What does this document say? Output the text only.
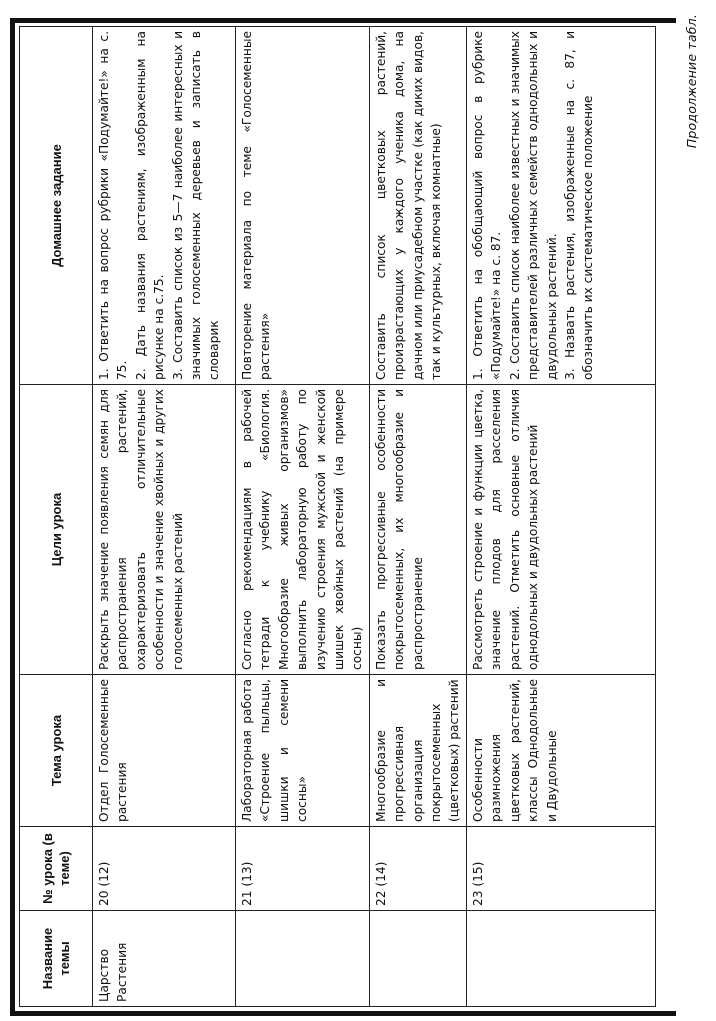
Продолжение табл.
Название темы	№ урока (в теме)	Тема урока	Цели урока	Домашнее задание
Царство Растения	20 (12)	Отдел Голосеменные растения	Раскрыть значение появления семян для распространения растений, охарактеризовать отличительные особенности и значение хвойных и других голосеменных растений	1. Ответить на вопрос рубрики «Подумайте!» на с. 75. 2. Дать названия растениям, изображенным на рисунке на с.75. 3. Составить список из 5—7 наиболее интересных и значимых голосеменных деревьев и записать в словарик

	21 (13)	Лабораторная работа «Строение пыльцы, шишки и семени сосны»	Согласно рекомендациям в рабочей тетради к учебнику «Биология. Многообразие живых организмов» выполнить лабораторную работу по изучению строения мужской и женской шишек хвойных растений (на примере сосны)	Повторение материала по теме «Голосеменные растения»

	22 (14)	Многообразие и прогрессивная организация покрытосеменных (цветковых) растений	Показать прогрессивные особенности покрытосеменных, их многообразие и распространение	Составить список цветковых растений, произрастающих у каждого ученика дома, на дачном или приусадебном участке (как диких видов, так и культурных, включая комнатные)

	23 (15)	Особенности размножения цветковых растений, классы Однодольные и Двудольные	Рассмотреть строение и функции цветка, значение плодов для расселения растений. Отметить основные отличия однодольных и двудольных растений	1. Ответить на обобщающий вопрос в рубрике «Подумайте!» на с. 87. 2. Составить список наиболее известных и значимых представителей различных семейств однодольных и двудольных растений. 3. Назвать растения, изображенные на с. 87, и обозначить их систематическое положение
